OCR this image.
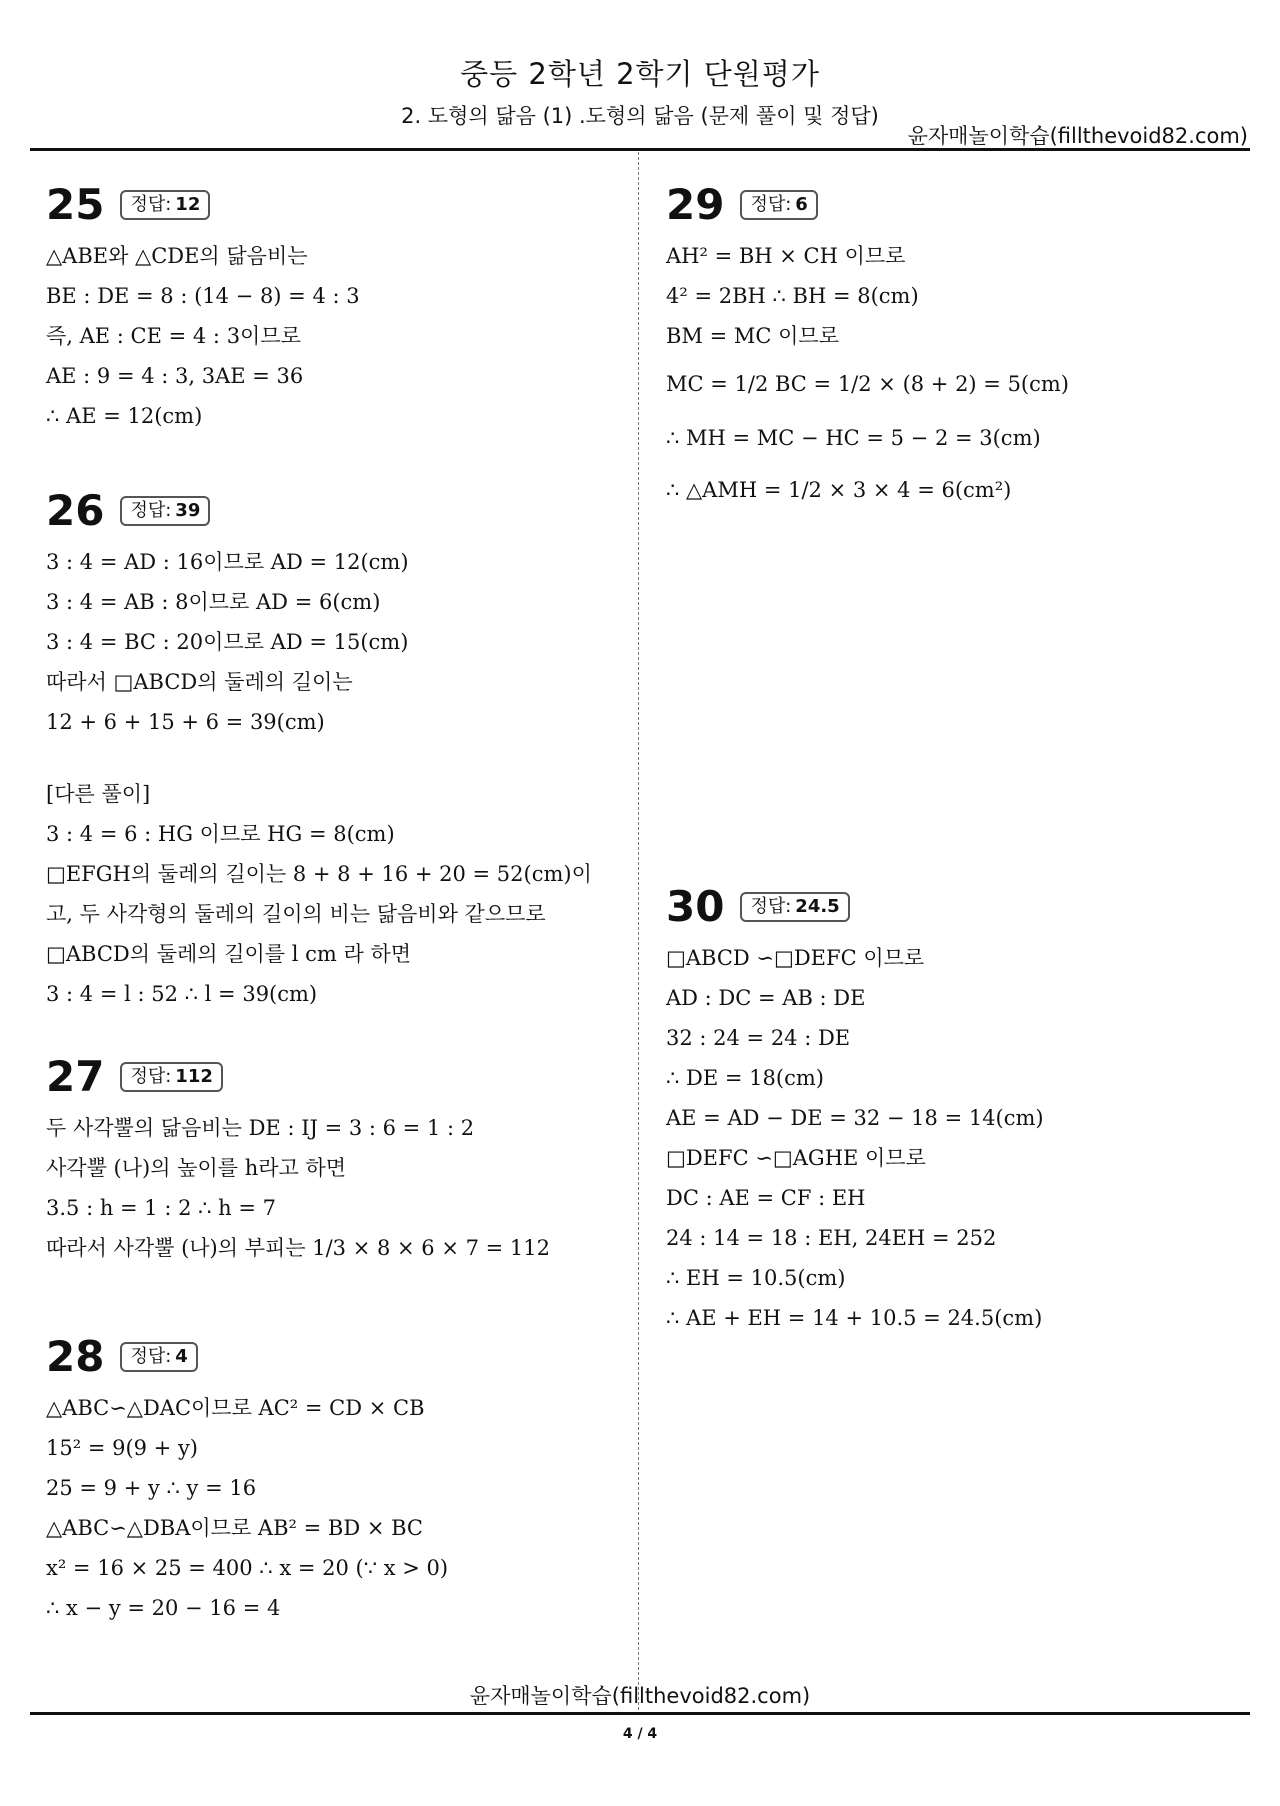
중등 2학년 2학기 단원평가
2. 도형의 닮음 (1) .도형의 닮음 (문제 풀이 및 정답)
윤자매놀이학습(fillthevoid82.com)
25 정답: 12
△ABE와 △CDE의 닮음비는
BE : DE = 8 : (14 − 8) = 4 : 3
즉, AE : CE = 4 : 3이므로
AE : 9 = 4 : 3, 3AE = 36
∴ AE = 12(cm)
26 정답: 39
3 : 4 = AD : 16이므로 AD = 12(cm)
3 : 4 = AB : 8이므로 AD = 6(cm)
3 : 4 = BC : 20이므로 AD = 15(cm)
따라서 □ABCD의 둘레의 길이는
12 + 6 + 15 + 6 = 39(cm)
[다른 풀이]
3 : 4 = 6 : HG 이므로 HG = 8(cm)
□EFGH의 둘레의 길이는 8 + 8 + 16 + 20 = 52(cm)이
고, 두 사각형의 둘레의 길이의 비는 닮음비와 같으므로
□ABCD의 둘레의 길이를 l cm 라 하면
3 : 4 = l : 52 ∴ l = 39(cm)
27 정답: 112
두 사각뿔의 닮음비는 DE : IJ = 3 : 6 = 1 : 2
사각뿔 (나)의 높이를 h라고 하면
3.5 : h = 1 : 2 ∴ h = 7
따라서 사각뿔 (나)의 부피는 1/3 × 8 × 6 × 7 = 112
28 정답: 4
△ABC∽△DAC이므로 AC² = CD × CB
15² = 9(9 + y)
25 = 9 + y ∴ y = 16
△ABC∽△DBA이므로 AB² = BD × BC
x² = 16 × 25 = 400 ∴ x = 20 (∵ x > 0)
∴ x − y = 20 − 16 = 4
29 정답: 6
AH² = BH × CH 이므로
4² = 2BH ∴ BH = 8(cm)
BM = MC 이므로
MC = 1/2 BC = 1/2 × (8 + 2) = 5(cm)
∴ MH = MC − HC = 5 − 2 = 3(cm)
∴ △AMH = 1/2 × 3 × 4 = 6(cm²)
30 정답: 24.5
□ABCD ∽□DEFC 이므로
AD : DC = AB : DE
32 : 24 = 24 : DE
∴ DE = 18(cm)
AE = AD − DE = 32 − 18 = 14(cm)
□DEFC ∽□AGHE 이므로
DC : AE = CF : EH
24 : 14 = 18 : EH, 24EH = 252
∴ EH = 10.5(cm)
∴ AE + EH = 14 + 10.5 = 24.5(cm)
윤자매놀이학습(fillthevoid82.com)
4 / 4
